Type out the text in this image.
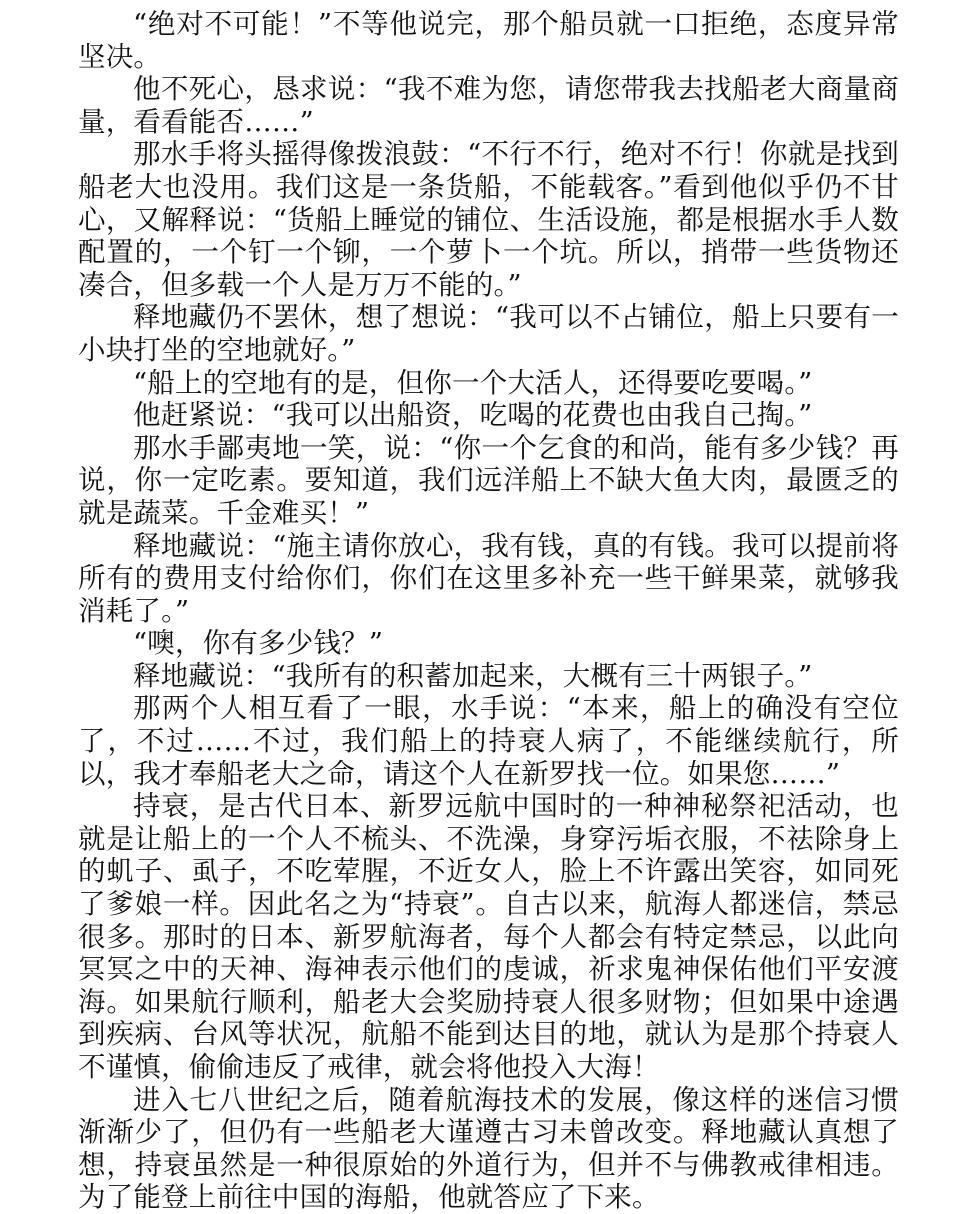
“绝对不可能！”不等他说完，那个船员就一口拒绝，态度异常坚决。

他不死心，恳求说：“我不难为您，请您带我去找船老大商量商量，看看能否……”

那水手将头摇得像拨浪鼓：“不行不行，绝对不行！你就是找到船老大也没用。我们这是一条货船，不能载客。”看到他似乎仍不甘心，又解释说：“货船上睡觉的铺位、生活设施，都是根据水手人数配置的，一个钉一个铆，一个萝卜一个坑。所以，捎带一些货物还凑合，但多载一个人是万万不能的。”

释地藏仍不罢休，想了想说：“我可以不占铺位，船上只要有一小块打坐的空地就好。”

“船上的空地有的是，但你一个大活人，还得要吃要喝。”

他赶紧说：“我可以出船资，吃喝的花费也由我自己掏。”

那水手鄙夷地一笑，说：“你一个乞食的和尚，能有多少钱？再说，你一定吃素。要知道，我们远洋船上不缺大鱼大肉，最匮乏的就是蔬菜。千金难买！”

释地藏说：“施主请你放心，我有钱，真的有钱。我可以提前将所有的费用支付给你们，你们在这里多补充一些干鲜果菜，就够我消耗了。”

“噢，你有多少钱？”

释地藏说：“我所有的积蓄加起来，大概有三十两银子。”

那两个人相互看了一眼，水手说：“本来，船上的确没有空位了，不过……不过，我们船上的持衰人病了，不能继续航行，所以，我才奉船老大之命，请这个人在新罗找一位。如果您……”

持衰，是古代日本、新罗远航中国时的一种神秘祭祀活动，也就是让船上的一个人不梳头、不洗澡，身穿污垢衣服，不祛除身上的虮子、虱子，不吃荤腥，不近女人，脸上不许露出笑容，如同死了爹娘一样。因此名之为“持衰”。自古以来，航海人都迷信，禁忌很多。那时的日本、新罗航海者，每个人都会有特定禁忌，以此向冥冥之中的天神、海神表示他们的虔诚，祈求鬼神保佑他们平安渡海。如果航行顺利，船老大会奖励持衰人很多财物；但如果中途遇到疾病、台风等状况，航船不能到达目的地，就认为是那个持衰人不谨慎，偷偷违反了戒律，就会将他投入大海！

进入七八世纪之后，随着航海技术的发展，像这样的迷信习惯渐渐少了，但仍有一些船老大谨遵古习未曾改变。释地藏认真想了想，持衰虽然是一种很原始的外道行为，但并不与佛教戒律相违。为了能登上前往中国的海船，他就答应了下来。
